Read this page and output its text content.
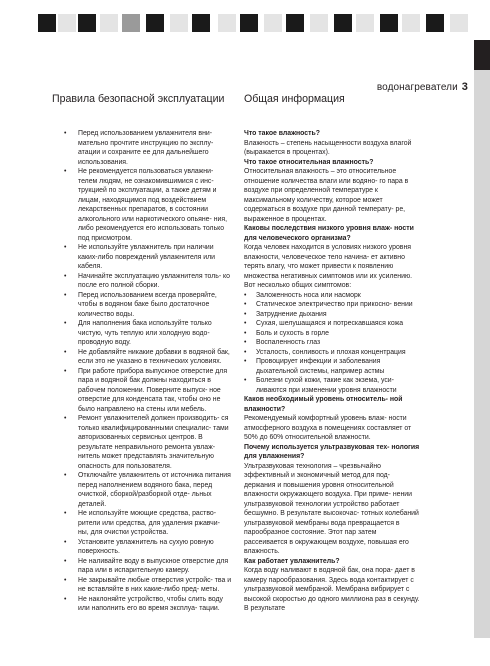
водонагреватели 3
Правила безопасной эксплуатации
• Перед использованием увлажнителя вни- мательно прочтите инструкцию по эксплу- атации и сохраните ее для дальнейшего использования.
• Не рекомендуется пользоваться увлажни- телем людям, не ознакомившимися с инс- трукцией по эксплуатации, а также детям и лицам, находящимся под воздействием лекарственных препаратов, в состоянии алкогольного или наркотического опьяне- ния, либо рекомендуется его использовать только под присмотром.
• Не используйте увлажнитель при наличии каких-либо повреждений увлажнителя или кабеля.
• Начинайте эксплуатацию увлажнителя толь- ко после его полной сборки.
• Перед использованием всегда проверяйте, чтобы в водяном баке было достаточное количество воды.
• Для наполнения бака используйте только чистую, чуть теплую или холодную водо- проводную воду.
• Не добавляйте никакие добавки в водяной бак, если это не указано в технических условиях.
• При работе прибора выпускное отверстие для пара и водяной бак должны находиться в рабочем положении. Поверните выпуск- ное отверстие для конденсата так, чтобы оно не было направлено на стены или мебель.
• Ремонт увлажнителей должен производить- ся только квалифицированными специалис- тами авторизованных сервисных центров. В результате неправильного ремонта увлаж- нитель может представлять значительную опасность для пользователя.
• Отключайте увлажнитель от источника питания перед наполнением водяного бака, перед очисткой, сборкой/разборкой отде- льных деталей.
• Не используйте моющие средства, раство- рители или средства, для удаления ржавчи- ны, для очистки устройства.
• Установите увлажнитель на сухую ровную поверхность.
• Не наливайте воду в выпускное отверстие для пара или в испарительную камеру.
• Не закрывайте любые отверстия устройс- тва и не вставляйте в них какие-либо пред- меты.
• Не наклоняйте устройство, чтобы слить воду или наполнить его во время эксплуа- тации.
Общая информация

Что такое влажность?

Влажность – степень насыщенности воздуха влагой (выражается в процентах).

Что такое относительная влажность?

Относительная влажность – это относительное отношение количества влаги или водяно- го пара в воздухе при определенной температуре к максимальному количеству, которое может содержаться в воздухе при данной температу- ре, выраженное в процентах.

Каковы последствия низкого уровня влаж- ности для человеческого организма?

Когда человек находится в условиях низкого уровня влажности, человеческое тело начина- ет активно терять влагу, что может привести к появлению множества негативных симптомов или их усилению.

Вот несколько общих симптомов:

• Заложенность носа или насморк
• Статическое электричество при прикосно- вении
• Затруднение дыхания
• Сухая, шелушащаяся и потрескавшаяся кожа
• Боль и сухость в горле
• Воспаленность глаз
• Усталость, сонливость и плохая концентрация
• Провоцирует инфекции и заболевания дыхательной системы, например астмы
• Болезни сухой кожи, такие как экзема, уси- ливаются при изменении уровня влажности

Каков необходимый уровень относитель- ной влажности?

Рекомендуемый комфортный уровень влаж- ности атмосферного воздуха в помещениях составляет от 50% до 60% относительной влажности.

Почему используется ультразвуковая тех- нология для увлажнения?

Ультразвуковая технология – чрезвычайно эффективный и экономичный метод для под- держания и повышения уровня относительной влажности окружающего воздуха. При приме- нении ультразвуковой технологии устройство работает бесшумно. В результате высокочас- тотных колебаний ультразвуковой мембраны вода превращается в парообразное состояние. Этот пар затем рассеивается в окружающем воздухе, повышая его влажность.

Как работает увлажнитель?

Когда воду наливают в водяной бак, она пopа- дает в камеру парообразования. Здесь вода контактирует с ультразвуковой мембраной. Мембрана вибрирует с высокой скоростью до одного миллиона раз в секунду. В результате
